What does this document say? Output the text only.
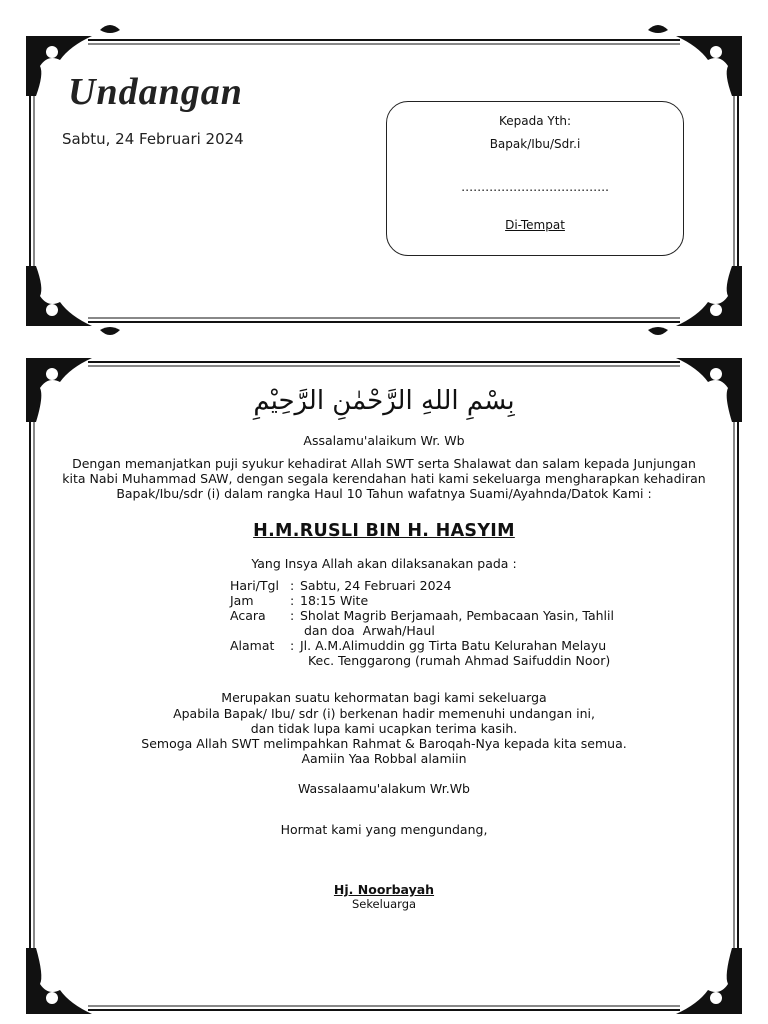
Undangan
Sabtu, 24 Februari 2024
Kepada Yth:
Bapak/Ibu/Sdr.i
……………………………….
Di-Tempat
بِسْمِ اللهِ الرَّحْمٰنِ الرَّحِيْمِ
Assalamu'alaikum Wr. Wb
Dengan memanjatkan puji syukur kehadirat Allah SWT serta Shalawat dan salam kepada Junjungan
kita Nabi Muhammad SAW, dengan segala kerendahan hati kami sekeluarga mengharapkan kehadiran
Bapak/Ibu/sdr (i) dalam rangka Haul 10 Tahun wafatnya Suami/Ayahnda/Datok Kami :
H.M.RUSLI BIN H. HASYIM
Yang Insya Allah akan dilaksanakan pada :
Hari/Tgl : Sabtu, 24 Februari 2024
Jam	: 18:15 Wite
Acara	: Sholat Magrib Berjamaah, Pembacaan Yasin, Tahlil
dan doa  Arwah/Haul
Alamat	: Jl. A.M.Alimuddin gg Tirta Batu Kelurahan Melayu
Kec. Tenggarong (rumah Ahmad Saifuddin Noor)
Merupakan suatu kehormatan bagi kami sekeluarga
Apabila Bapak/ Ibu/ sdr (i) berkenan hadir memenuhi undangan ini,
dan tidak lupa kami ucapkan terima kasih.
Semoga Allah SWT melimpahkan Rahmat & Baroqah-Nya kepada kita semua.
Aamiin Yaa Robbal alamiin
Wassalaamu'alakum Wr.Wb
Hormat kami yang mengundang,
Hj. Noorbayah
Sekeluarga
